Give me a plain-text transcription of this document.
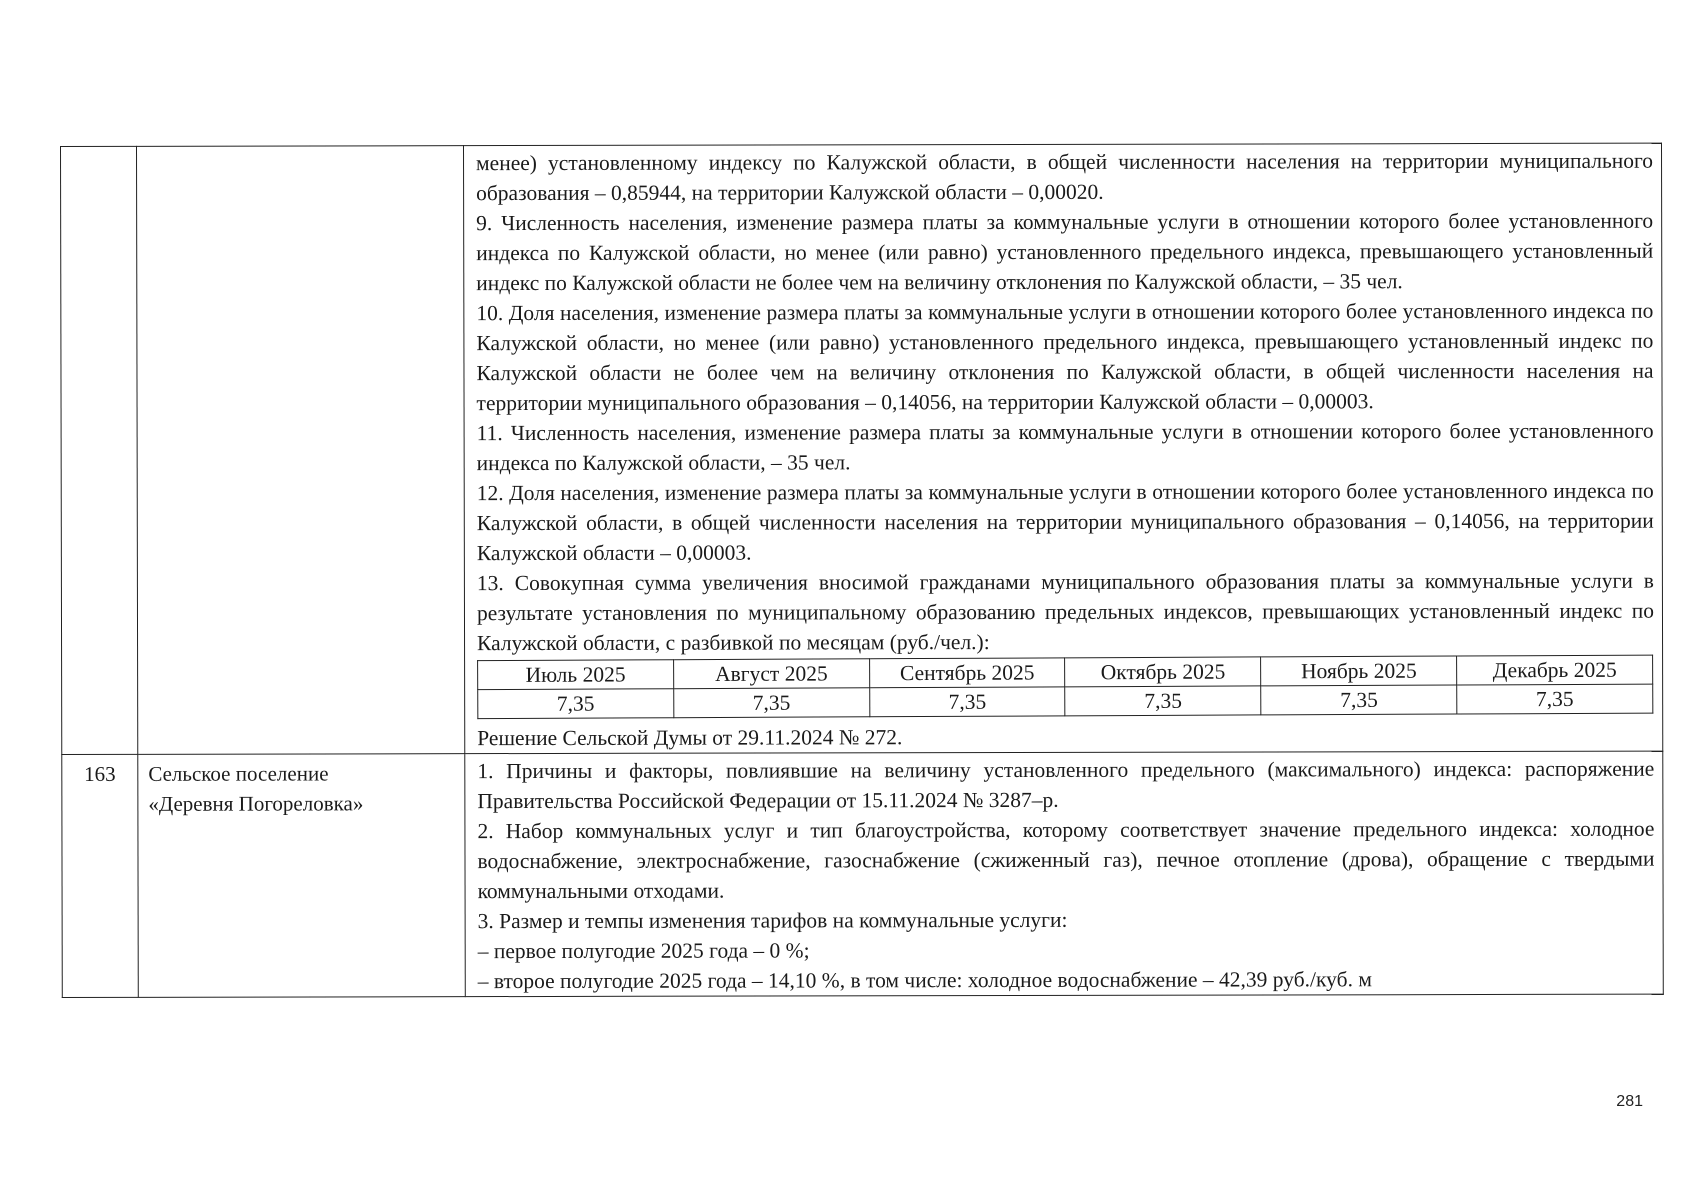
менее) установленному индексу по Калужской области, в общей численности населения на территории муниципального образования – 0,85944, на территории Калужской области – 0,00020.

9. Численность населения, изменение размера платы за коммунальные услуги в отношении которого более установленного индекса по Калужской области, но менее (или равно) установленного предельного индекса, превышающего установленный индекс по Калужской области не более чем на величину отклонения по Калужской области, – 35 чел.

10. Доля населения, изменение размера платы за коммунальные услуги в отношении которого более установленного индекса по Калужской области, но менее (или равно) установленного предельного индекса, превышающего установленный индекс по Калужской области не более чем на величину отклонения по Калужской области, в общей численности населения на территории муниципального образования – 0,14056, на территории Калужской области – 0,00003.

11. Численность населения, изменение размера платы за коммунальные услуги в отношении которого более установленного индекса по Калужской области, – 35 чел.

12. Доля населения, изменение размера платы за коммунальные услуги в отношении которого более установленного индекса по Калужской области, в общей численности населения на территории муниципального образования – 0,14056, на территории Калужской области – 0,00003.

13. Совокупная сумма увеличения вносимой гражданами муниципального образования платы за коммунальные услуги в результате установления по муниципальному образованию предельных индексов, превышающих установленный индекс по Калужской области, с разбивкой по месяцам (руб./чел.):

Июль 2025	Август 2025	Сентябрь 2025	Октябрь 2025	Ноябрь 2025	Декабрь 2025
7,35	7,35	7,35	7,35	7,35	7,35

Решение Сельской Думы от 29.11.2024 № 272.

163	Сельское поселение
«Деревня Погореловка»

1. Причины и факторы, повлиявшие на величину установленного предельного (максимального) индекса: распоряжение Правительства Российской Федерации от 15.11.2024 № 3287–р.

2. Набор коммунальных услуг и тип благоустройства, которому соответствует значение предельного индекса: холодное водоснабжение, электроснабжение, газоснабжение (сжиженный газ), печное отопление (дрова), обращение с твердыми коммунальными отходами.

3. Размер и темпы изменения тарифов на коммунальные услуги:

– первое полугодие 2025 года – 0 %;

– второе полугодие 2025 года – 14,10 %, в том числе: холодное водоснабжение – 42,39 руб./куб. м

281
